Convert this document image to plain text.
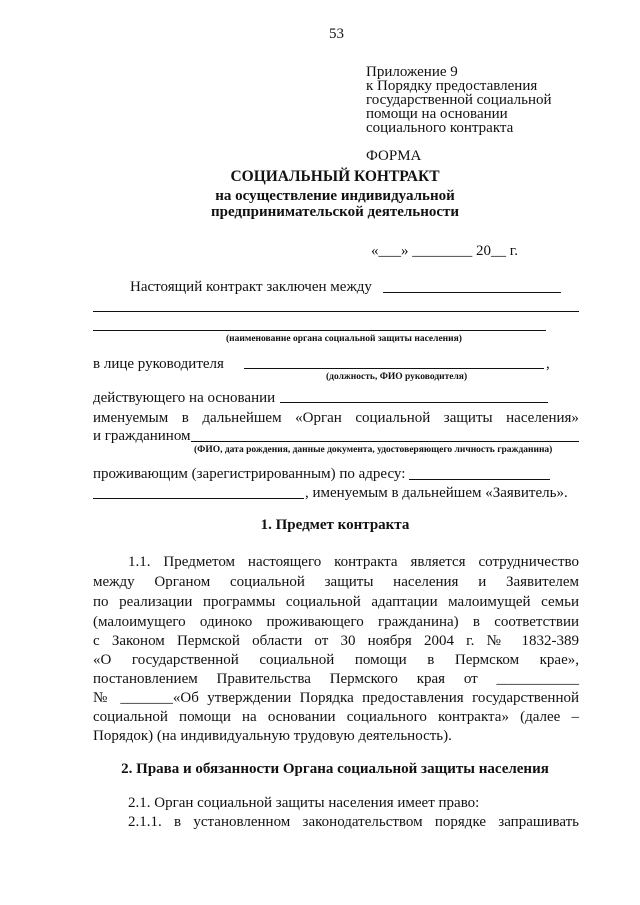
53
Приложение 9
к Порядку предоставления
государственной социальной
помощи на основании
социального контракта
ФОРМА
СОЦИАЛЬНЫЙ КОНТРАКТ
на осуществление индивидуальной
предпринимательской деятельности
«___» ________ 20__ г.
Настоящий контракт заключен между
(наименование органа социальной защиты населения)
в лице руководителя	,
(должность, ФИО руководителя)
действующего на основании
именуемым в дальнейшем «Орган социальной защиты населения»
и гражданином
(ФИО, дата рождения, данные документа, удостоверяющего личность гражданина)
проживающим (зарегистрированным) по адресу:
, именуемым в дальнейшем «Заявитель».
1. Предмет контракта
1.1. Предметом настоящего контракта является сотрудничество
между Органом социальной защиты населения и Заявителем
по реализации программы социальной адаптации малоимущей семьи
(малоимущего одиноко проживающего гражданина) в соответствии
с Законом Пермской области от 30 ноября 2004 г. № 1832-389
«О государственной социальной помощи в Пермском крае»,
постановлением Правительства Пермского края от ___________
№ _______«Об утверждении Порядка предоставления государственной
социальной помощи на основании социального контракта» (далее –
Порядок) (на индивидуальную трудовую деятельность).
2. Права и обязанности Органа социальной защиты населения
2.1. Орган социальной защиты населения имеет право:
2.1.1. в установленном законодательством порядке запрашивать
